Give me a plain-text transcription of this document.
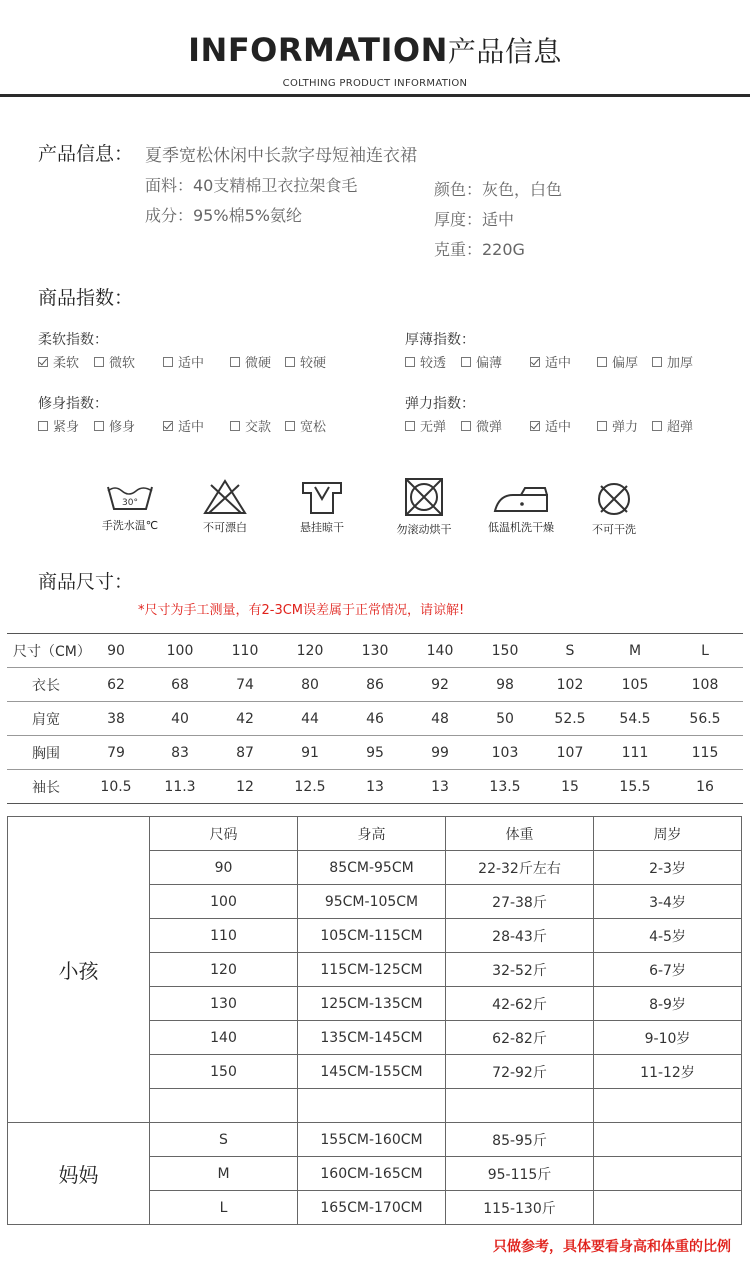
INFORMATION产品信息
COLTHING PRODUCT INFORMATION
产品信息： 夏季宽松休闲中长款字母短袖连衣裙
面料：40支精棉卫衣拉架食毛
成分：95%棉5%氨纶
颜色：灰色，白色
厚度：适中
克重：220G
商品指数：
柔软指数：
柔软	微软	适中	微硬	较硬
厚薄指数：
较透	偏薄	适中	偏厚	加厚
修身指数：
紧身	修身	适中	交款	宽松
弹力指数：
无弹	微弹	适中	弹力	超弹
30°
手洗水温℃	不可漂白	悬挂晾干	勿滚动烘干	低温机洗干燥	不可干洗
商品尺寸：
*尺寸为手工测量，有2-3CM误差属于正常情况，请谅解!
尺寸（CM）	90	100	110	120	130	140	150	S	M	L
衣长	62	68	74	80	86	92	98	102	105	108
肩宽	38	40	42	44	46	48	50	52.5	54.5	56.5
胸围	79	83	87	91	95	99	103	107	111	115
袖长	10.5	11.3	12	12.5	13	13	13.5	15	15.5	16
小孩	尺码	身高	体重	周岁
	90	85CM-95CM	22-32斤左右	2-3岁
	100	95CM-105CM	27-38斤	3-4岁
	110	105CM-115CM	28-43斤	4-5岁
	120	115CM-125CM	32-52斤	6-7岁
	130	125CM-135CM	42-62斤	8-9岁
	140	135CM-145CM	62-82斤	9-10岁
	150	145CM-155CM	72-92斤	11-12岁

妈妈	S	155CM-160CM	85-95斤	
	M	160CM-165CM	95-115斤	
	L	165CM-170CM	115-130斤	
只做参考，具体要看身高和体重的比例
